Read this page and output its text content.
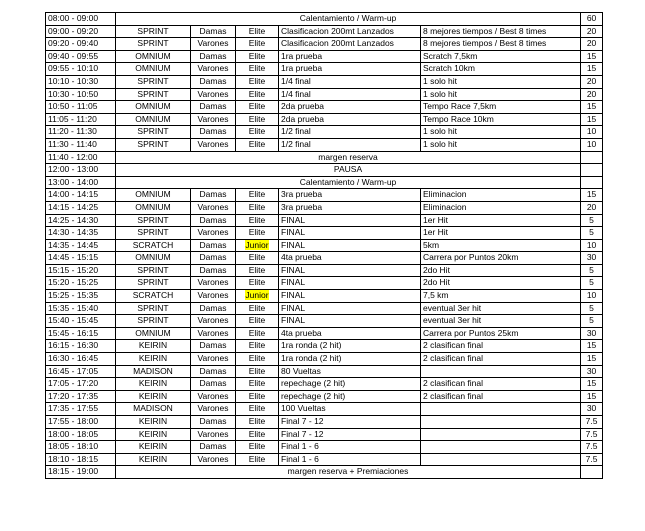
08:00 - 09:00	Calentamiento / Warm-up					60
09:00 - 09:20	SPRINT	Damas	Elite	Clasificacion 200mt Lanzados	8 mejores tiempos / Best 8 times	20
09:20 - 09:40	SPRINT	Varones	Elite	Clasificacion 200mt Lanzados	8 mejores tiempos / Best 8 times	20
09:40 - 09:55	OMNIUM	Damas	Elite	1ra prueba	Scratch 7,5km	15
09:55 - 10:10	OMNIUM	Varones	Elite	1ra prueba	Scratch 10km	15
10:10 - 10:30	SPRINT	Damas	Elite	1/4 final	1 solo hit	20
10:30 - 10:50	SPRINT	Varones	Elite	1/4 final	1 solo hit	20
10:50 - 11:05	OMNIUM	Damas	Elite	2da prueba	Tempo Race 7,5km	15
11:05 - 11:20	OMNIUM	Varones	Elite	2da prueba	Tempo Race 10km	15
11:20 - 11:30	SPRINT	Damas	Elite	1/2 final	1 solo hit	10
11:30 - 11:40	SPRINT	Varones	Elite	1/2 final	1 solo hit	10
11:40 - 12:00	margen reserva					
12:00 - 13:00	PAUSA					
13:00 - 14:00	Calentamiento / Warm-up					
14:00 - 14:15	OMNIUM	Damas	Elite	3ra prueba	Eliminacion	15
14:15 - 14:25	OMNIUM	Varones	Elite	3ra prueba	Eliminacion	20
14:25 - 14:30	SPRINT	Damas	Elite	FINAL	1er Hit	5
14:30 - 14:35	SPRINT	Varones	Elite	FINAL	1er Hit	5
14:35 - 14:45	SCRATCH	Damas	Junior	FINAL	5km	10
14:45 - 15:15	OMNIUM	Damas	Elite	4ta prueba	Carrera por Puntos 20km	30
15:15 - 15:20	SPRINT	Damas	Elite	FINAL	2do Hit	5
15:20 - 15:25	SPRINT	Varones	Elite	FINAL	2do Hit	5
15:25 - 15:35	SCRATCH	Varones	Junior	FINAL	7,5 km	10
15:35 - 15:40	SPRINT	Damas	Elite	FINAL	eventual 3er hit	5
15:40 - 15:45	SPRINT	Varones	Elite	FINAL	eventual 3er hit	5
15:45 - 16:15	OMNIUM	Varones	Elite	4ta prueba	Carrera por Puntos 25km	30
16:15 - 16:30	KEIRIN	Damas	Elite	1ra ronda (2 hit)	2 clasifican final	15
16:30 - 16:45	KEIRIN	Varones	Elite	1ra ronda (2 hit)	2 clasifican final	15
16:45 - 17:05	MADISON	Damas	Elite	80 Vueltas		30
17:05 - 17:20	KEIRIN	Damas	Elite	repechage (2 hit)	2 clasifican final	15
17:20 - 17:35	KEIRIN	Varones	Elite	repechage (2 hit)	2 clasifican final	15
17:35 - 17:55	MADISON	Varones	Elite	100 Vueltas		30
17:55 - 18:00	KEIRIN	Damas	Elite	Final 7 - 12		7.5
18:00 - 18:05	KEIRIN	Varones	Elite	Final 7 - 12		7.5
18:05 - 18:10	KEIRIN	Damas	Elite	Final 1 - 6		7.5
18:10 - 18:15	KEIRIN	Varones	Elite	Final 1 - 6		7.5
18:15 - 19:00	margen reserva + Premiaciones					
